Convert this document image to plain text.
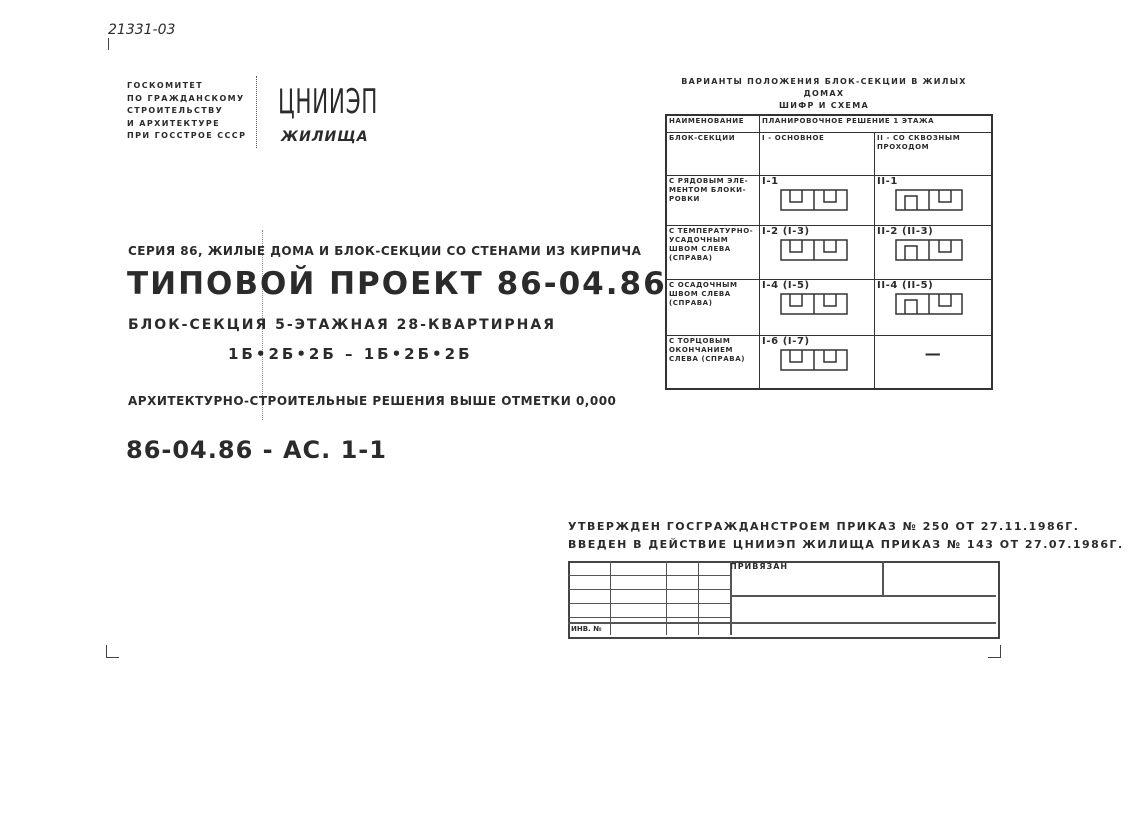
21331-03
ГОСКОМИТЕТ
ПО ГРАЖДАНСКОМУ
СТРОИТЕЛЬСТВУ
И АРХИТЕКТУРЕ
ПРИ ГОССТРОЕ СССР
ЦНИИЭП
ЖИЛИЩА
СЕРИЯ 86, ЖИЛЫЕ ДОМА И БЛОК-СЕКЦИИ СО СТЕНАМИ ИЗ КИРПИЧА
ТИПОВОЙ ПРОЕКТ 86-04.86
БЛОК-СЕКЦИЯ 5-ЭТАЖНАЯ 28-КВАРТИРНАЯ
1Б•2Б•2Б – 1Б•2Б•2Б
АРХИТЕКТУРНО-СТРОИТЕЛЬНЫЕ РЕШЕНИЯ ВЫШЕ ОТМЕТКИ 0,000
86-04.86 - АС. 1-1
ВАРИАНТЫ ПОЛОЖЕНИЯ БЛОК-СЕКЦИИ В ЖИЛЫХ ДОМАХ
ШИФР И СХЕМА
НАИМЕНОВАНИЕ	ПЛАНИРОВОЧНОЕ РЕШЕНИЕ 1 ЭТАЖА	
БЛОК-СЕКЦИИ	I - ОСНОВНОЕ	II - СО СКВОЗНЫМ ПРОХОДОМ
С РЯДОВЫМ ЭЛЕ-МЕНТОМ БЛОКИ-РОВКИ	I-1	II-1

С ТЕМПЕРАТУРНО-УСАДОЧНЫМ ШВОМ СЛЕВА (СПРАВА)	I-2 (I-3)	II-2 (II-3)

С ОСАДОЧНЫМ ШВОМ СЛЕВА (СПРАВА)	I-4 (I-5)	II-4 (II-5)

С ТОРЦОВЫМ ОКОНЧАНИЕМ СЛЕВА (СПРАВА)	I-6 (I-7)	—
УТВЕРЖДЕН ГОСГРАЖДАНСТРОЕМ ПРИКАЗ № 250 ОТ 27.11.1986Г.
ВВЕДЕН В ДЕЙСТВИЕ ЦНИИЭП ЖИЛИЩА ПРИКАЗ № 143 ОТ 27.07.1986Г.
ПРИВЯЗАН
ИНВ. №
